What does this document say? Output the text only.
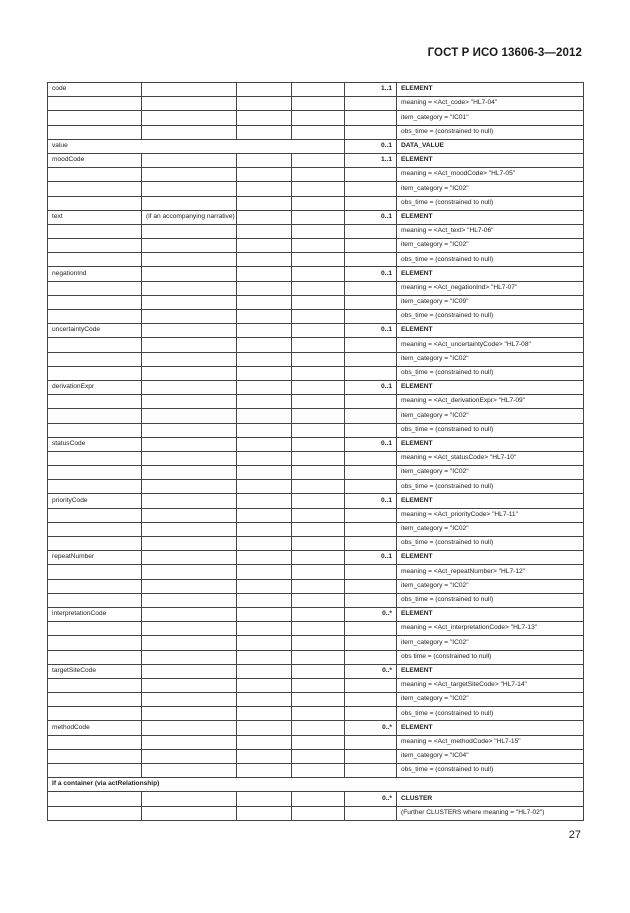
ГОСТ Р ИСО 13606-3—2012
code				1..1	ELEMENT
					meaning = <Act_code> "HL7-04"
					item_category = "IC01"
					obs_time = (constrained to null)
value				0..1	DATA_VALUE
moodCode				1..1	ELEMENT
					meaning = <Act_moodCode> "HL7-05"
					item_category = "IC02"
					obs_time = (constrained to null)
text	(if an accompanying narrative)			0..1	ELEMENT
					meaning = <Act_text> "HL7-06"
					item_category = "IC02"
					obs_time = (constrained to null)
negationInd				0..1	ELEMENT
					meaning = <Act_negationInd> "HL7-07"
					item_category = "IC09"
					obs_time = (constrained to null)
uncertaintyCode				0..1	ELEMENT
					meaning = <Act_uncertaintyCode> "HL7-08"
					item_category = "IC02"
					obs_time = (constrained to null)
derivationExpr				0..1	ELEMENT
					meaning = <Act_derivationExpr> "HL7-09"
					item_category = "IC02"
					obs_time = (constrained to null)
statusCode				0..1	ELEMENT
					meaning = <Act_statusCode> "HL7-10"
					item_category = "IC02"
					obs_time = (constrained to null)
priorityCode				0..1	ELEMENT
					meaning = <Act_priorityCode> "HL7-11"
					item_category = "IC02"
					obs_time = (constrained to null)
repeatNumber				0..1	ELEMENT
					meaning = <Act_repeatNumber> "HL7-12"
					item_category = "IC02"
					obs_time = (constrained to null)
interpretationCode				0..*	ELEMENT
					meaning = <Act_interpretationCode> "HL7-13"
					item_category = "IC02"
					obs time = (constrained to null)
targetSiteCode				0..*	ELEMENT
					meaning = <Act_targetSiteCode> "HL7-14"
					item_category = "IC02"
					obs_time = (constrained to null)
methodCode				0..*	ELEMENT
					meaning = <Act_methodCode> "HL7-15"
					item_category = "IC04"
					obs_time = (constrained to null)
If a container (via actRelationship)					
				0..*	CLUSTER
					(Further CLUSTERS where meaning = "HL7-02")
27
